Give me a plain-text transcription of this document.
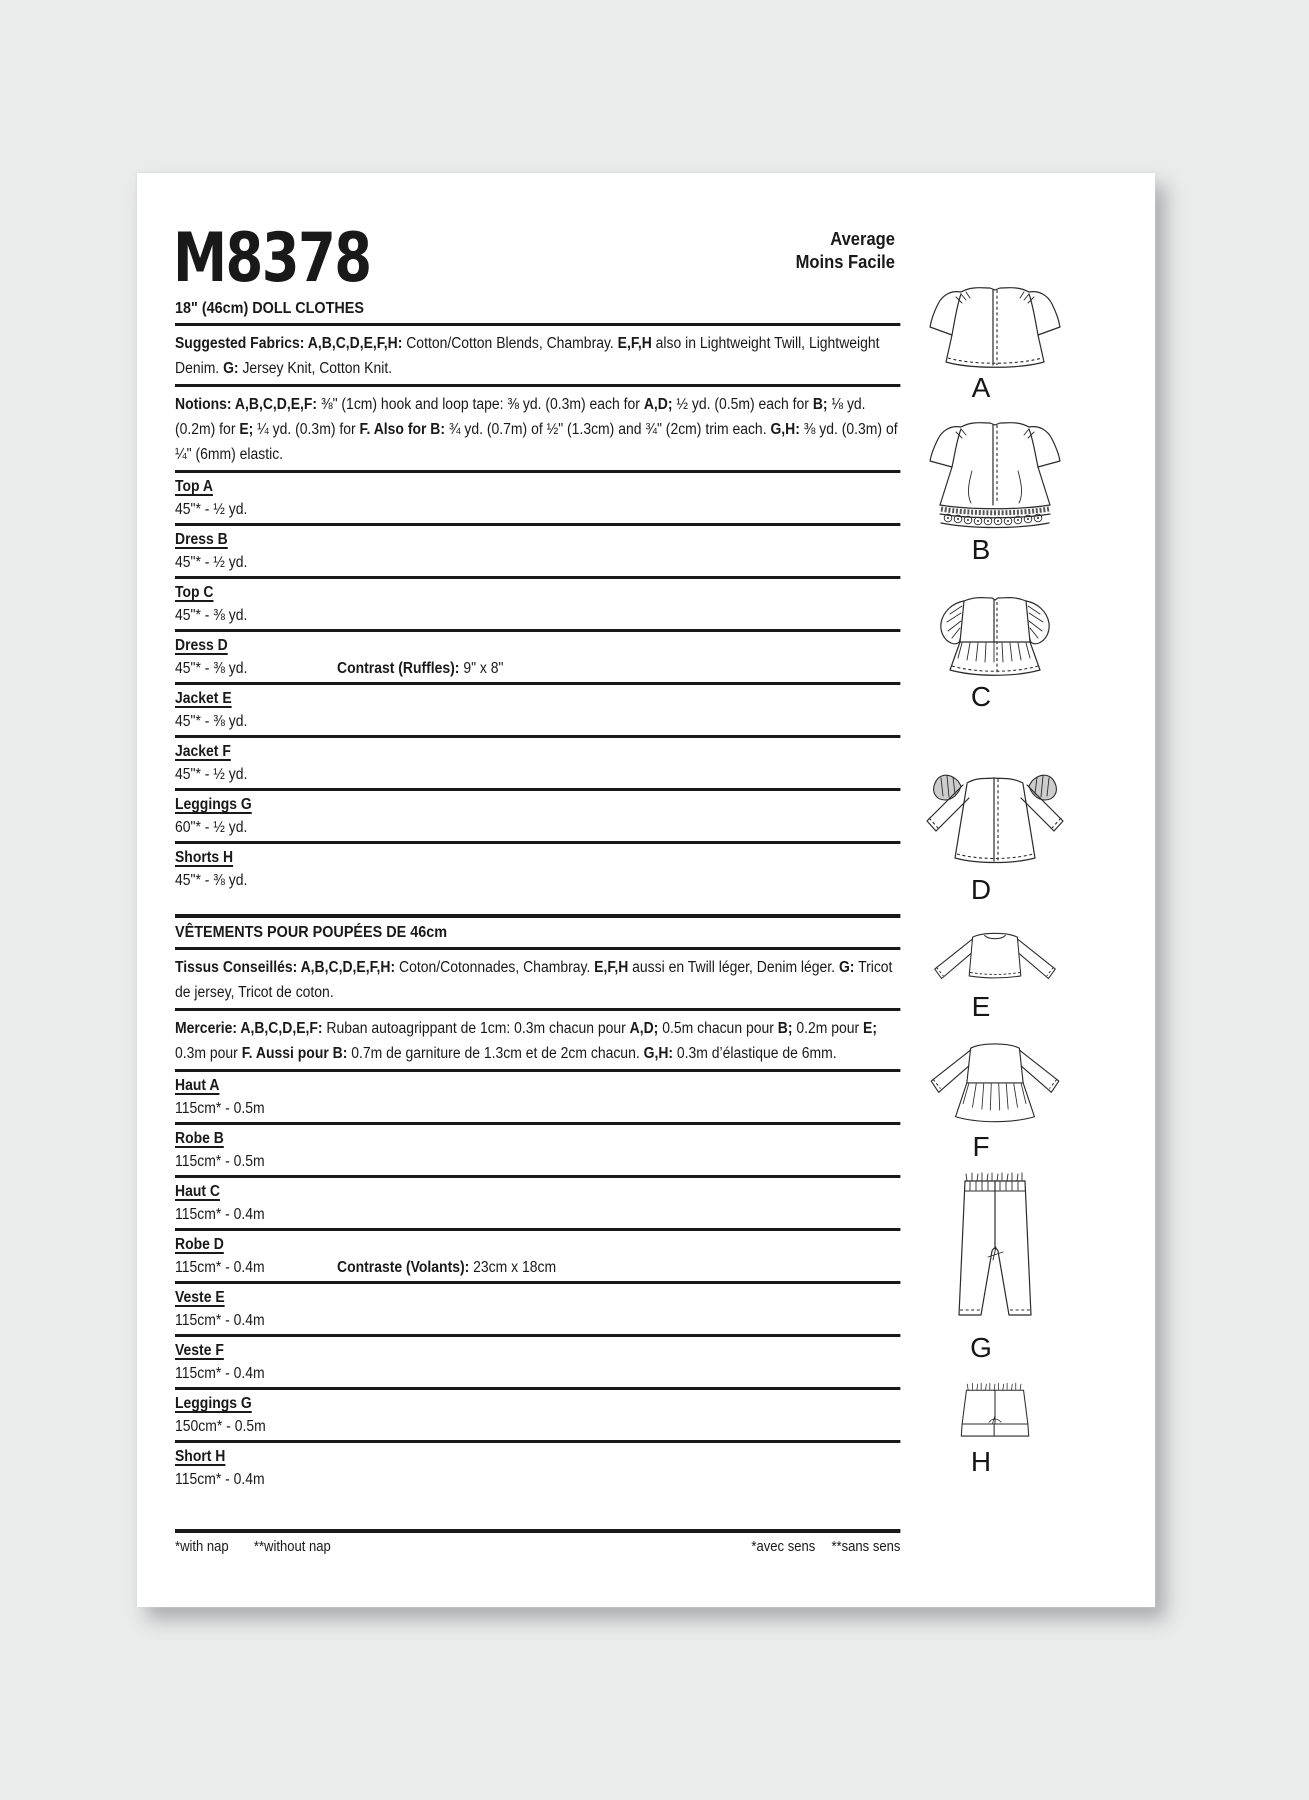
M8378	Average
Moins Facile
18" (46cm) DOLL CLOTHES

Suggested Fabrics: A,B,C,D,E,F,H: Cotton/Cotton Blends, Chambray. E,F,H also in Lightweight Twill, Lightweight Denim. G: Jersey Knit, Cotton Knit.

Notions: A,B,C,D,E,F: ⅜" (1cm) hook and loop tape: ⅜ yd. (0.3m) each for A,D; ½ yd. (0.5m) each for B; ⅛ yd. (0.2m) for E; ¼ yd. (0.3m) for F. Also for B: ¾ yd. (0.7m) of ½" (1.3cm) and ¾" (2cm) trim each. G,H: ⅜ yd. (0.3m) of ¼" (6mm) elastic.

Top A
45"* - ½ yd.
Dress B
45"* - ½ yd.
Top C
45"* - ⅜ yd.
Dress D
45"* - ⅜ yd.	Contrast (Ruffles): 9" x 8"
Jacket E
45"* - ⅜ yd.
Jacket F
45"* - ½ yd.
Leggings G
60"* - ½ yd.
Shorts H
45"* - ⅜ yd.
VÊTEMENTS POUR POUPÉES DE 46cm

Tissus Conseillés: A,B,C,D,E,F,H: Coton/Cotonnades, Chambray. E,F,H aussi en Twill léger, Denim léger. G: Tricot de jersey, Tricot de coton.

Mercerie: A,B,C,D,E,F: Ruban autoagrippant de 1cm: 0.3m chacun pour A,D; 0.5m chacun pour B; 0.2m pour E; 0.3m pour F. Aussi pour B: 0.7m de garniture de 1.3cm et de 2cm chacun. G,H: 0.3m d’élastique de 6mm.

Haut A
115cm* - 0.5m
Robe B
115cm* - 0.5m
Haut C
115cm* - 0.4m
Robe D
115cm* - 0.4m	Contraste (Volants): 23cm x 18cm
Veste E
115cm* - 0.4m
Veste F
115cm* - 0.4m
Leggings G
150cm* - 0.5m
Short H
115cm* - 0.4m
*with nap **without nap	*avec sens **sans sens
A
B
C
D
E
F
G
H
